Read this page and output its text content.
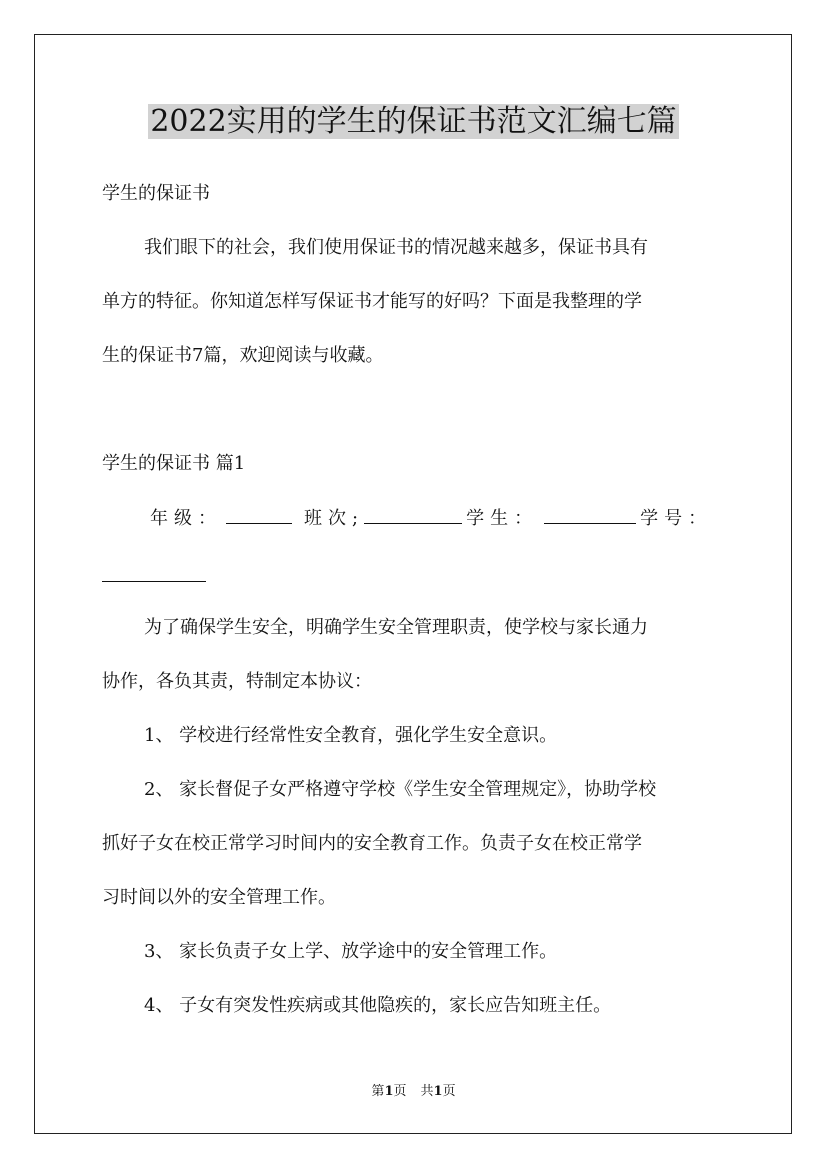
2022实用的学生的保证书范文汇编七篇

学生的保证书

我们眼下的社会，我们使用保证书的情况越来越多，保证书具有

单方的特征。你知道怎样写保证书才能写的好吗？下面是我整理的学

生的保证书7篇，欢迎阅读与收藏。

学生的保证书 篇1

年级：	班次;	学生：	学号：

为了确保学生安全，明确学生安全管理职责，使学校与家长通力

协作，各负其责，特制定本协议：

1、 学校进行经常性安全教育，强化学生安全意识。

2、 家长督促子女严格遵守学校《学生安全管理规定》，协助学校

抓好子女在校正常学习时间内的安全教育工作。负责子女在校正常学

习时间以外的安全管理工作。

3、 家长负责子女上学、放学途中的安全管理工作。

4、 子女有突发性疾病或其他隐疾的，家长应告知班主任。

第1页 共1页
